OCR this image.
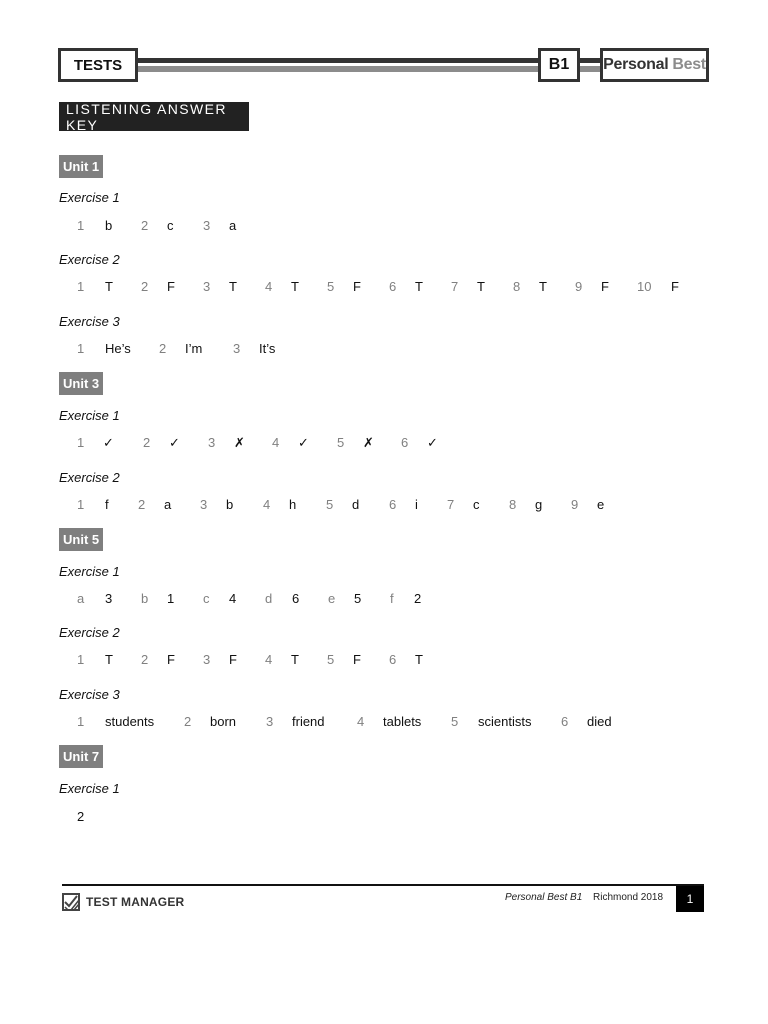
TESTS	B1	Personal Best
LISTENING ANSWER KEY
Unit 1
Exercise 1
1 b 2 c 3 a
Exercise 2
1 T 2 F 3 T 4 T 5 F 6 T 7 T 8 T 9 F 10 F
Exercise 3
1 He’s 2 I’m 3 It’s
Unit 3
Exercise 1
1 ✓ 2 ✓ 3 ✗ 4 ✓ 5 ✗ 6 ✓
Exercise 2
1 f 2 a 3 b 4 h 5 d 6 i 7 c 8 g 9 e
Unit 5
Exercise 1
a 3 b 1 c 4 d 6 e 5 f 2
Exercise 2
1 T 2 F 3 F 4 T 5 F 6 T
Exercise 3
1 students 2 born 3 friend 4 tablets 5 scientists 6 died
Unit 7
Exercise 1
2
TEST MANAGER	Personal Best B1 Richmond 2018	1
